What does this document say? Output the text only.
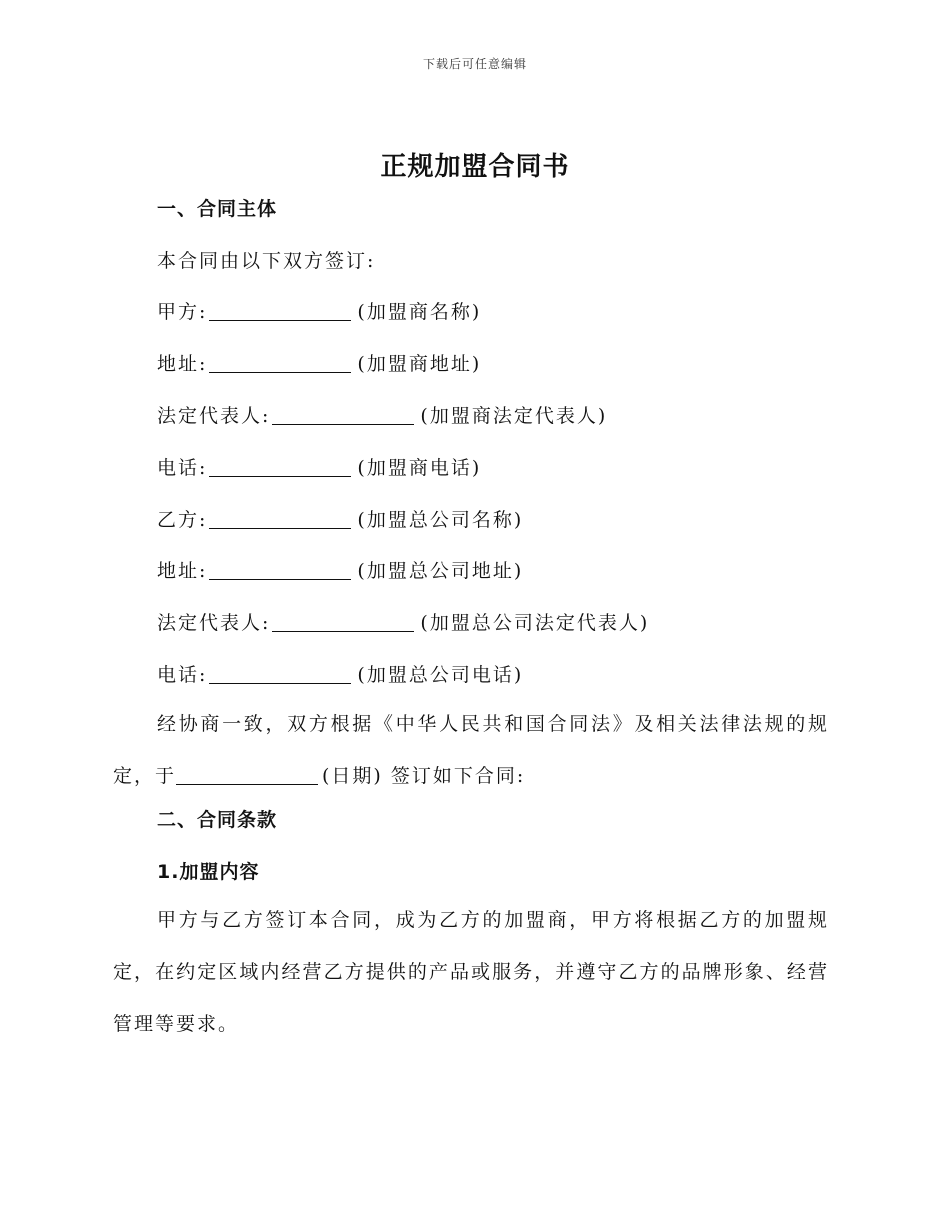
下载后可任意编辑
正规加盟合同书
一、合同主体
本合同由以下双方签订:
甲方:	(加盟商名称)
地址:	(加盟商地址)
法定代表人:	(加盟商法定代表人)
电话:	(加盟商电话)
乙方:	(加盟总公司名称)
地址:	(加盟总公司地址)
法定代表人:	(加盟总公司法定代表人)
电话:	(加盟总公司电话)
经协商一致，双方根据《中华人民共和国合同法》及相关法律法规的规定，于	(日期) 签订如下合同:
二、合同条款
1.加盟内容
甲方与乙方签订本合同，成为乙方的加盟商，甲方将根据乙方的加盟规定，在约定区域内经营乙方提供的产品或服务，并遵守乙方的品牌形象、经营管理等要求。
